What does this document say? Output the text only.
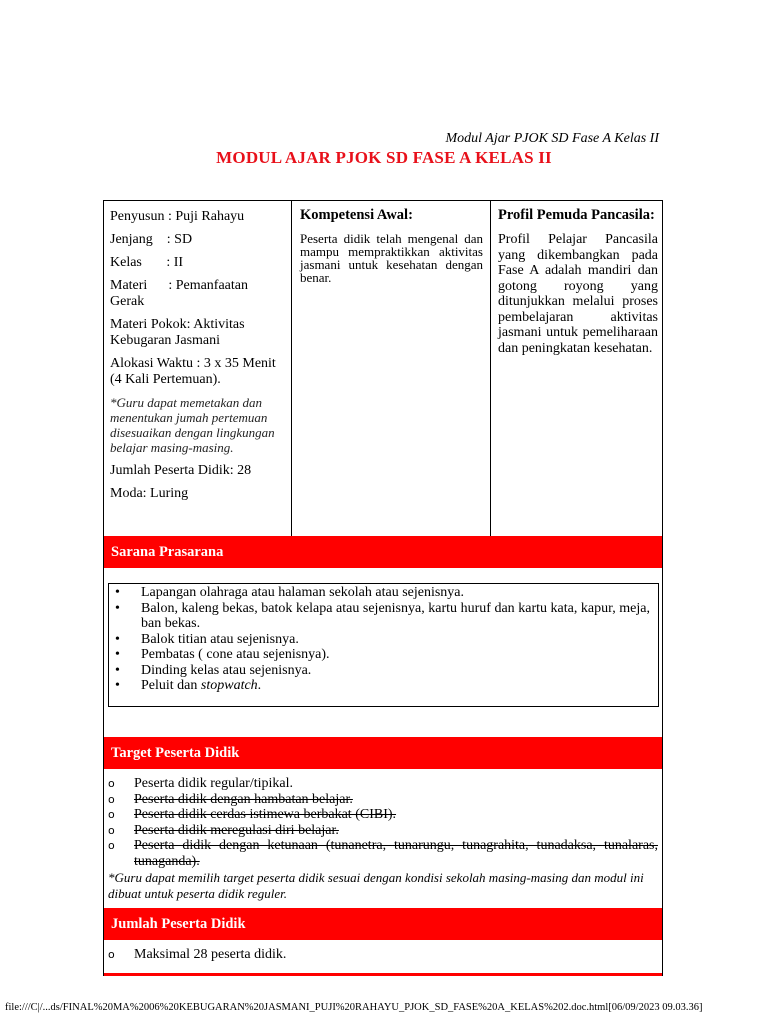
Modul Ajar PJOK SD Fase A Kelas II
MODUL AJAR PJOK SD FASE A KELAS II
Penyusun : Puji Rahayu
Jenjang    : SD
Kelas       : II
Materi      : Pemanfaatan Gerak
Materi Pokok: Aktivitas Kebugaran Jasmani
Alokasi Waktu : 3 x 35 Menit (4 Kali Pertemuan).
*Guru dapat memetakan dan menentukan jumah pertemuan disesuaikan dengan lingkungan belajar masing-masing.
Jumlah Peserta Didik: 28
Moda: Luring
Kompetensi Awal:
Peserta didik telah mengenal dan mampu mempraktikkan aktivitas jasmani untuk kesehatan dengan benar.
Profil Pemuda Pancasila:
Profil Pelajar Pancasila yang dikembangkan pada Fase A adalah mandiri dan gotong royong yang ditunjukkan melalui proses pembelajaran aktivitas jasmani untuk pemeliharaan dan peningkatan kesehatan.
Sarana Prasarana
• Lapangan olahraga atau halaman sekolah atau sejenisnya.
• Balon, kaleng bekas, batok kelapa atau sejenisnya, kartu huruf dan kartu kata, kapur, meja, ban bekas.
• Balok titian atau sejenisnya.
• Pembatas ( cone atau sejenisnya).
• Dinding kelas atau sejenisnya.
• Peluit dan stopwatch.
Target Peserta Didik
o Peserta didik regular/tipikal.
o Peserta didik dengan hambatan belajar.
o Peserta didik cerdas istimewa berbakat (CIBI).
o Peserta didik meregulasi diri belajar.
o Peserta didik dengan ketunaan (tunanetra, tunarungu, tunagrahita, tunadaksa, tunalaras, tunaganda).
*Guru dapat memilih target peserta didik sesuai dengan kondisi sekolah masing-masing dan modul ini dibuat untuk peserta didik reguler.
Jumlah Peserta Didik
o Maksimal 28 peserta didik.
file:///C|/...ds/FINAL%20MA%2006%20KEBUGARAN%20JASMANI_PUJI%20RAHAYU_PJOK_SD_FASE%20A_KELAS%202.doc.html[06/09/2023 09.03.36]
